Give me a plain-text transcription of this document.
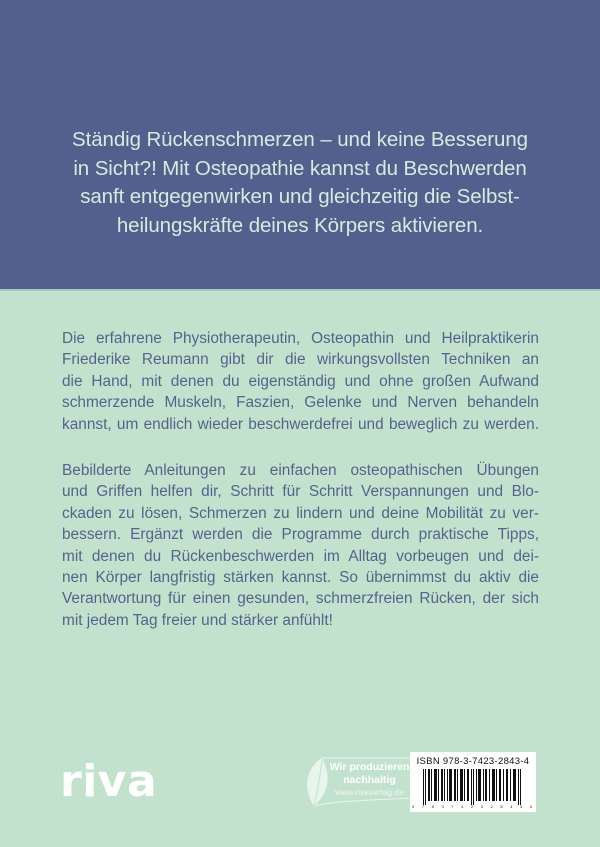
Ständig Rückenschmerzen – und keine Besserung
in Sicht?! Mit Osteopathie kannst du Beschwerden
sanft entgegenwirken und gleichzeitig die Selbst-
heilungskräfte deines Körpers aktivieren.
Die erfahrene Physiotherapeutin, Osteopathin und Heilpraktikerin
Friederike Reumann gibt dir die wirkungsvollsten Techniken an
die Hand, mit denen du eigenständig und ohne großen Aufwand
schmerzende Muskeln, Faszien, Gelenke und Nerven behandeln
kannst, um endlich wieder beschwerdefrei und beweglich zu werden.
Bebilderte Anleitungen zu einfachen osteopathischen Übungen
und Griffen helfen dir, Schritt für Schritt Verspannungen und Blo-
ckaden zu lösen, Schmerzen zu lindern und deine Mobilität zu ver-
bessern. Ergänzt werden die Programme durch praktische Tipps,
mit denen du Rückenbeschwerden im Alltag vorbeugen und dei-
nen Körper langfristig stärken kannst. So übernimmst du aktiv die
Verantwortung für einen gesunden, schmerzfreien Rücken, der sich
mit jedem Tag freier und stärker anfühlt!
riva	Wir produzieren
nachhaltig
www.rivaverlag.de
ISBN 978-3-7423-2843-4
9 7 8 3 7 4 2 3 2 8 4 3 4
